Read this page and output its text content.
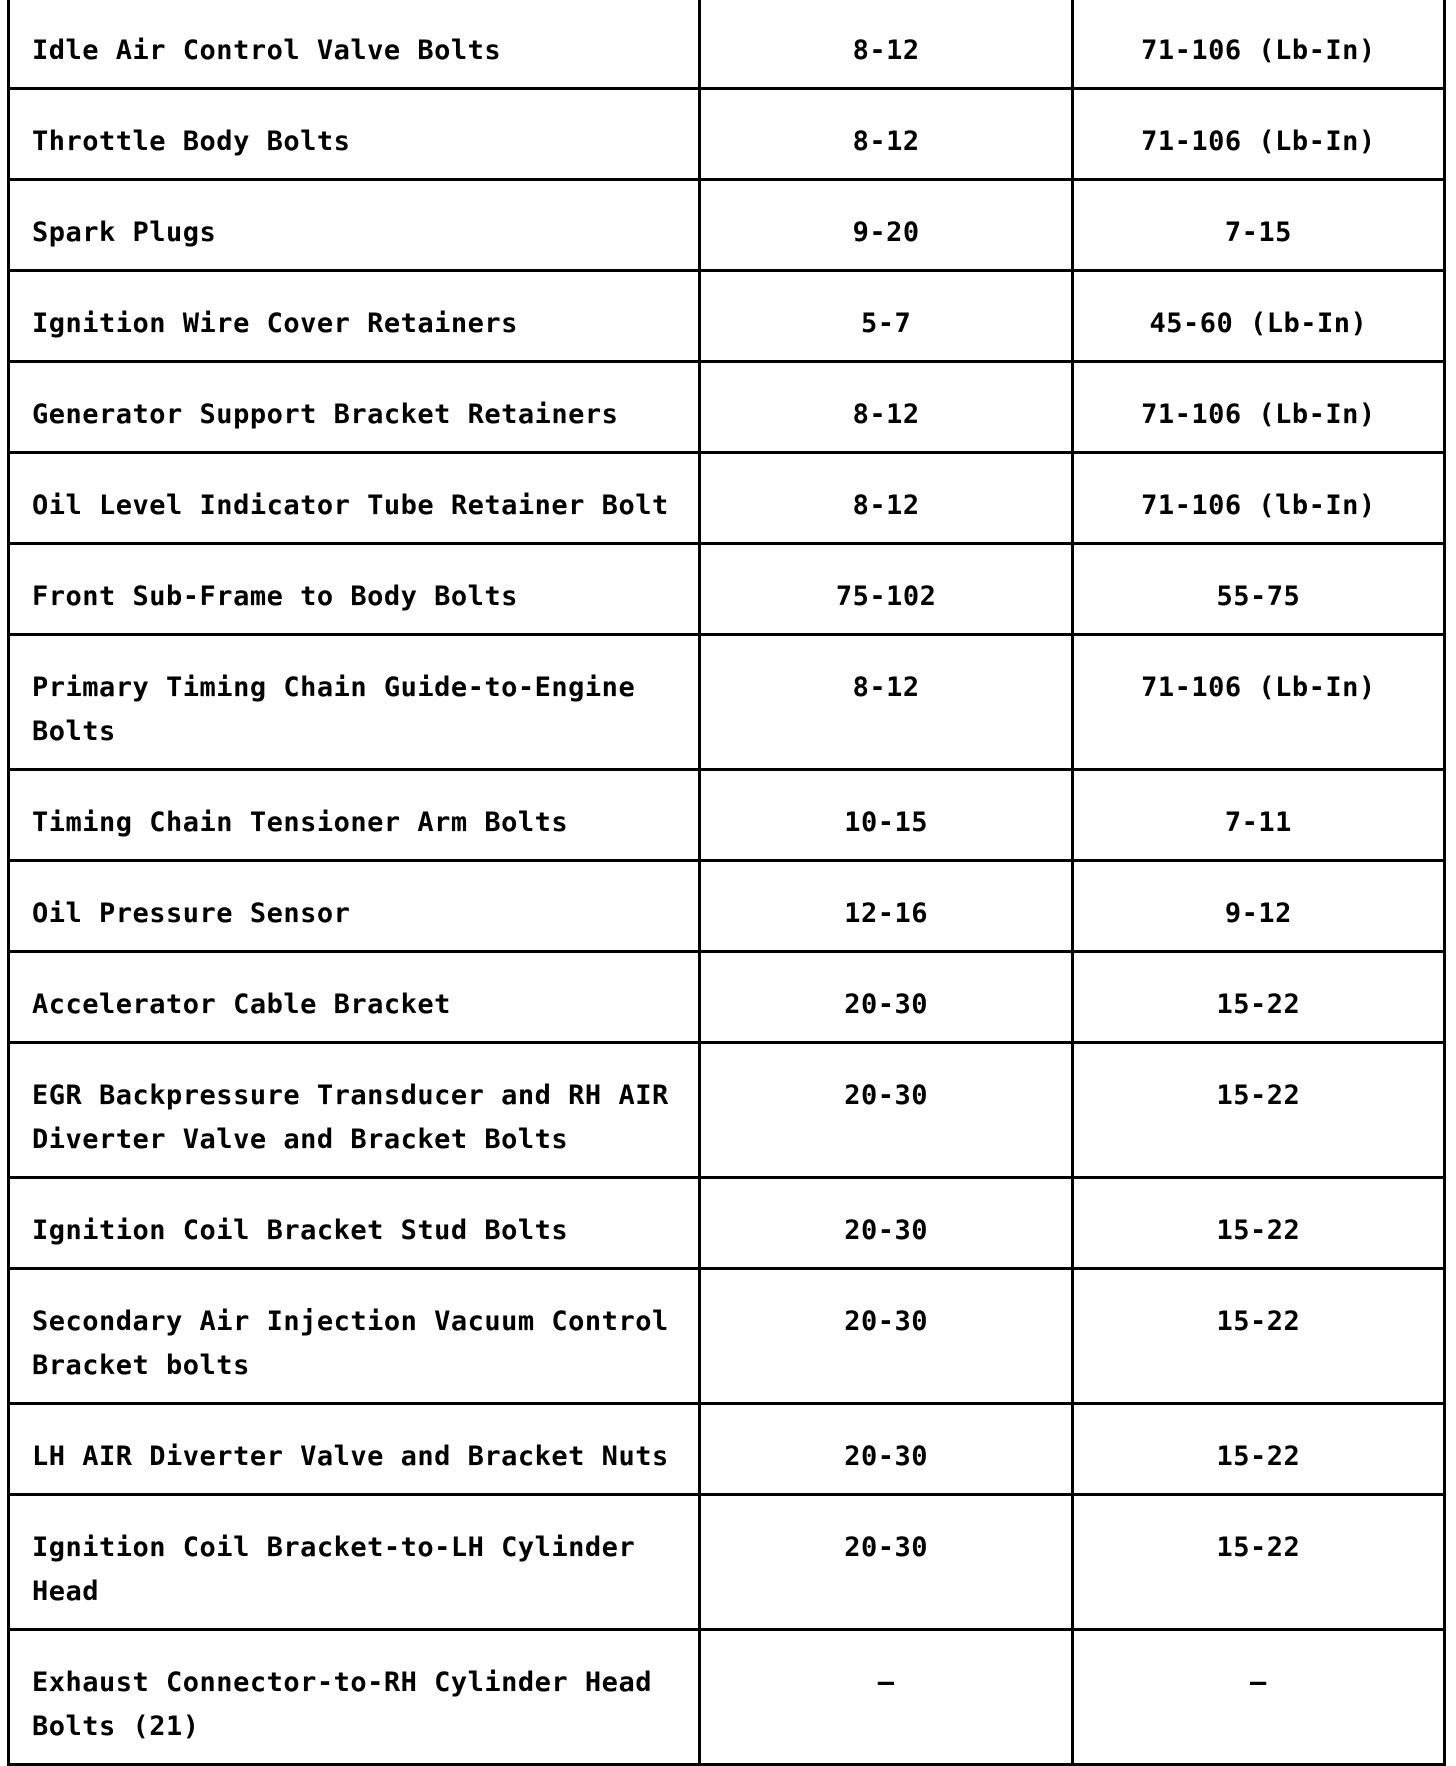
Idle Air Control Valve Bolts	8-12	71-106 (Lb-In)
Throttle Body Bolts	8-12	71-106 (Lb-In)
Spark Plugs	9-20	7-15
Ignition Wire Cover Retainers	5-7	45-60 (Lb-In)
Generator Support Bracket Retainers	8-12	71-106 (Lb-In)
Oil Level Indicator Tube Retainer Bolt	8-12	71-106 (lb-In)
Front Sub-Frame to Body Bolts	75-102	55-75
Primary Timing Chain Guide-to-Engine Bolts	8-12	71-106 (Lb-In)
Timing Chain Tensioner Arm Bolts	10-15	7-11
Oil Pressure Sensor	12-16	9-12
Accelerator Cable Bracket	20-30	15-22
EGR Backpressure Transducer and RH AIR Diverter Valve and Bracket Bolts	20-30	15-22
Ignition Coil Bracket Stud Bolts	20-30	15-22
Secondary Air Injection Vacuum Control Bracket bolts	20-30	15-22
LH AIR Diverter Valve and Bracket Nuts	20-30	15-22
Ignition Coil Bracket-to-LH Cylinder Head	20-30	15-22
Exhaust Connector-to-RH Cylinder Head Bolts (21)	—	—
